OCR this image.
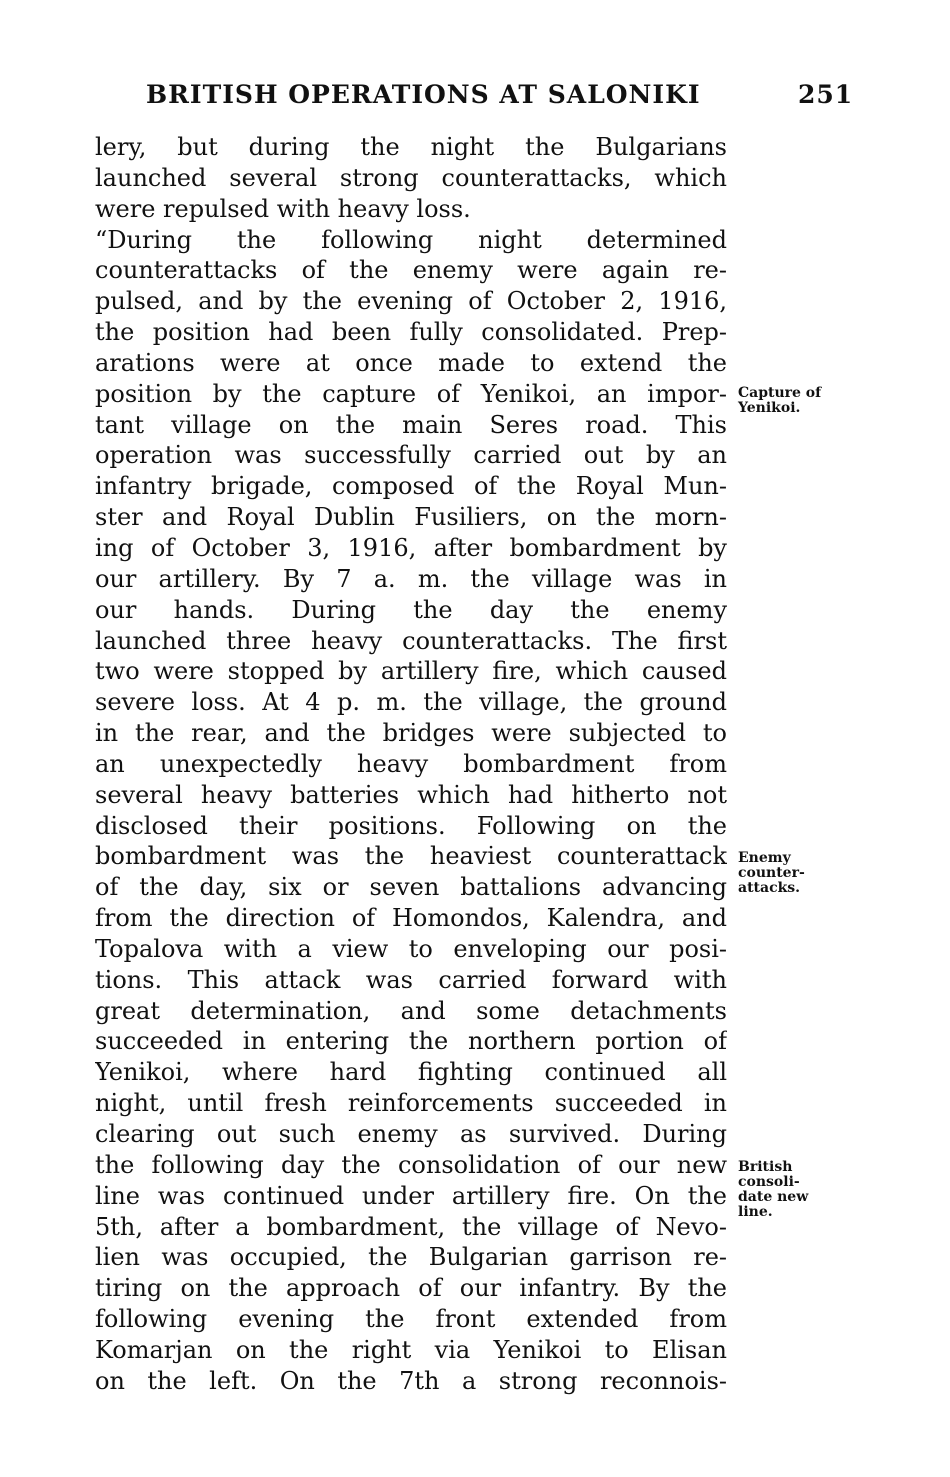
BRITISH OPERATIONS AT SALONIKI	251
lery, but during the night the Bulgarians
launched several strong counterattacks, which
were repulsed with heavy loss.
“During the following night determined
counterattacks of the enemy were again re-
pulsed, and by the evening of October 2, 1916,
the position had been fully consolidated. Prep-
arations were at once made to extend the
position by the capture of Yenikoi, an impor-
tant village on the main Seres road. This
operation was successfully carried out by an
infantry brigade, composed of the Royal Mun-
ster and Royal Dublin Fusiliers, on the morn-
ing of October 3, 1916, after bombardment by
our artillery. By 7 a. m. the village was in
our hands. During the day the enemy
launched three heavy counterattacks. The first
two were stopped by artillery fire, which caused
severe loss. At 4 p. m. the village, the ground
in the rear, and the bridges were subjected to
an unexpectedly heavy bombardment from
several heavy batteries which had hitherto not
disclosed their positions. Following on the
bombardment was the heaviest counterattack
of the day, six or seven battalions advancing
from the direction of Homondos, Kalendra, and
Topalova with a view to enveloping our posi-
tions. This attack was carried forward with
great determination, and some detachments
succeeded in entering the northern portion of
Yenikoi, where hard fighting continued all
night, until fresh reinforcements succeeded in
clearing out such enemy as survived. During
the following day the consolidation of our new
line was continued under artillery fire. On the
5th, after a bombardment, the village of Nevo-
lien was occupied, the Bulgarian garrison re-
tiring on the approach of our infantry. By the
following evening the front extended from
Komarjan on the right via Yenikoi to Elisan
on the left. On the 7th a strong reconnois-
Capture of
Yenikoi.
Enemy
counter-
attacks.
British
consoli-
date new
line.
